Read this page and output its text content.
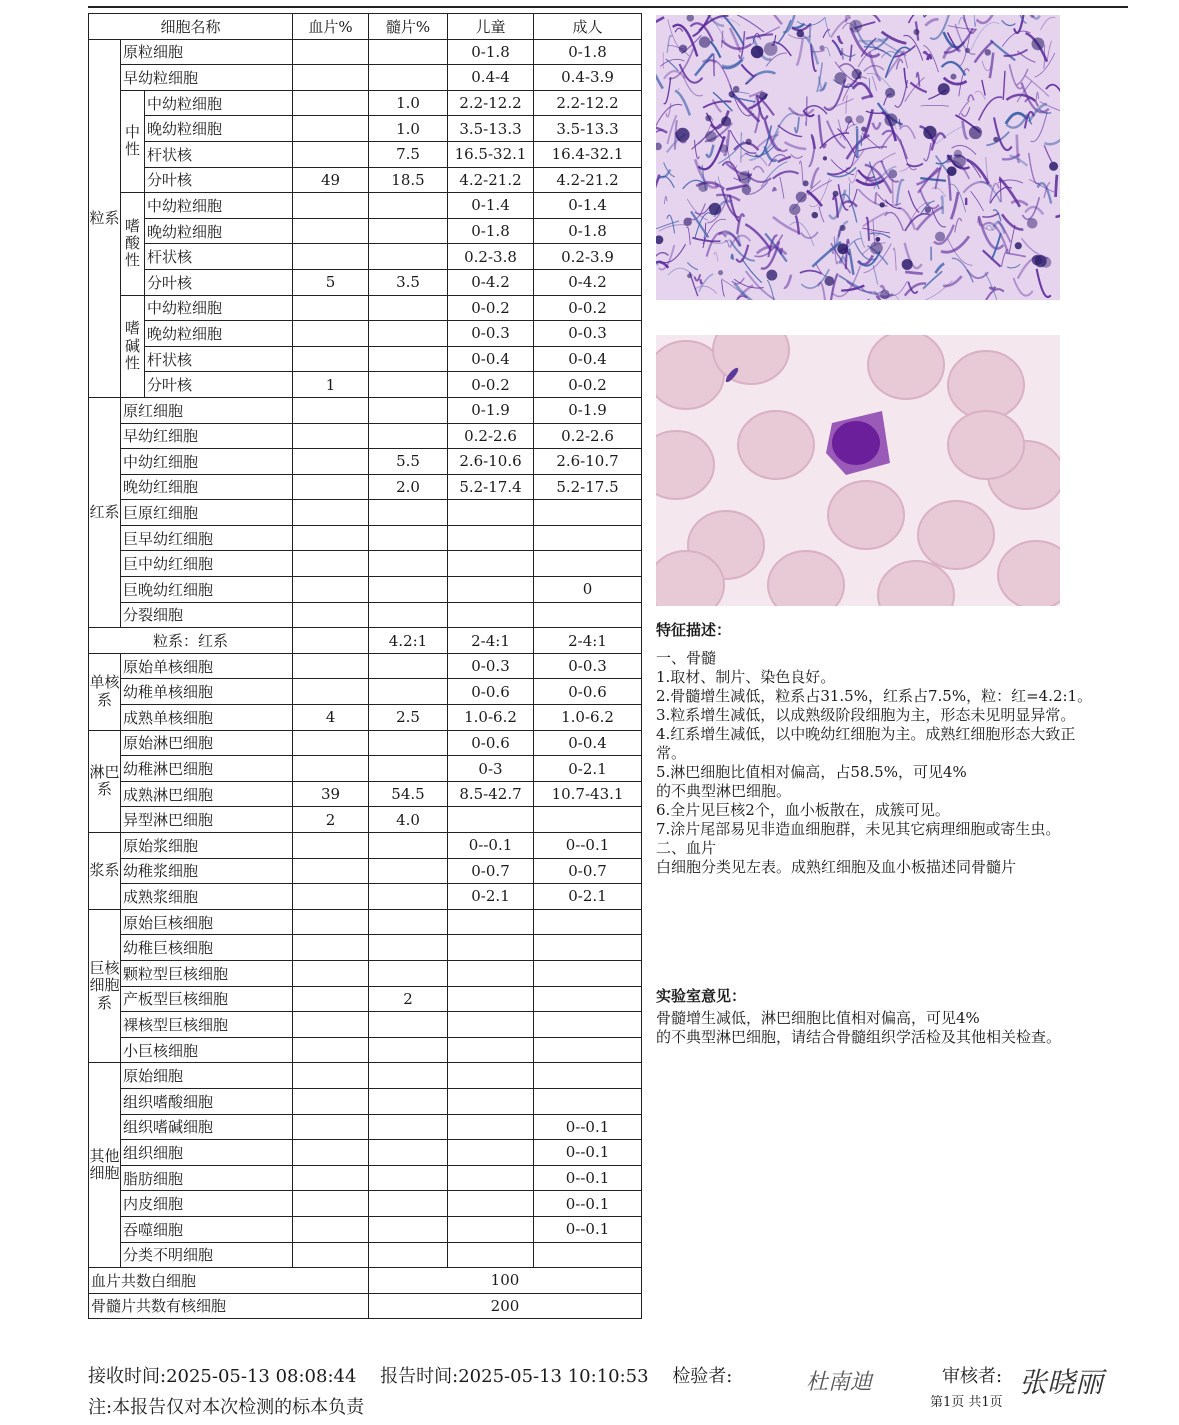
细胞名称			血片%	髓片%	儿童	成人
粒系	原粒细胞				0-1.8	0-1.8
	早幼粒细胞				0.4-4	0.4-3.9
	中性	中幼粒细胞		1.0	2.2-12.2	2.2-12.2
		晚幼粒细胞		1.0	3.5-13.3	3.5-13.3
		杆状核		7.5	16.5-32.1	16.4-32.1
		分叶核	49	18.5	4.2-21.2	4.2-21.2
	嗜酸性	中幼粒细胞			0-1.4	0-1.4
		晚幼粒细胞			0-1.8	0-1.8
		杆状核			0.2-3.8	0.2-3.9
		分叶核	5	3.5	0-4.2	0-4.2
	嗜碱性	中幼粒细胞			0-0.2	0-0.2
		晚幼粒细胞			0-0.3	0-0.3
		杆状核			0-0.4	0-0.4
		分叶核	1		0-0.2	0-0.2
红系	原红细胞				0-1.9	0-1.9
	早幼红细胞				0.2-2.6	0.2-2.6
	中幼红细胞			5.5	2.6-10.6	2.6-10.7
	晚幼红细胞			2.0	5.2-17.4	5.2-17.5
	巨原红细胞					
	巨早幼红细胞					
	巨中幼红细胞					
	巨晚幼红细胞					0
	分裂细胞					
粒系：红系				4.2:1	2-4:1	2-4:1
单核系	原始单核细胞				0-0.3	0-0.3
	幼稚单核细胞				0-0.6	0-0.6
	成熟单核细胞		4	2.5	1.0-6.2	1.0-6.2
淋巴系	原始淋巴细胞				0-0.6	0-0.4
	幼稚淋巴细胞				0-3	0-2.1
	成熟淋巴细胞		39	54.5	8.5-42.7	10.7-43.1
	异型淋巴细胞		2	4.0		
浆系	原始浆细胞				0--0.1	0--0.1
	幼稚浆细胞				0-0.7	0-0.7
	成熟浆细胞				0-2.1	0-2.1
巨核细胞系	原始巨核细胞					
	幼稚巨核细胞					
	颗粒型巨核细胞					
	产板型巨核细胞			2		
	裸核型巨核细胞					
	小巨核细胞					
其他细胞	原始细胞					
	组织嗜酸细胞					
	组织嗜碱细胞					0--0.1
	组织细胞					0--0.1
	脂肪细胞					0--0.1
	内皮细胞					0--0.1
	吞噬细胞					0--0.1
	分类不明细胞					
血片共数白细胞				100		
骨髓片共数有核细胞				200		
特征描述：
一、骨髓
1.取材、制片、染色良好。
2.骨髓增生减低，粒系占31.5%，红系占7.5%，粒：红=4.2:1。
3.粒系增生减低，以成熟级阶段细胞为主，形态未见明显异常。
4.红系增生减低，以中晚幼红细胞为主。成熟红细胞形态大致正
常。
5.淋巴细胞比值相对偏高，占58.5%，可见4%
的不典型淋巴细胞。
6.全片见巨核2个，血小板散在，成簇可见。
7.涂片尾部易见非造血细胞群，未见其它病理细胞或寄生虫。
二、血片
白细胞分类见左表。成熟红细胞及血小板描述同骨髓片
实验室意见：
骨髓增生减低，淋巴细胞比值相对偏高，可见4%
的不典型淋巴细胞，请结合骨髓组织学活检及其他相关检查。
接收时间:2025-05-13 08:08:44 报告时间:2025-05-13 10:10:53 检验者:	杜南迪	审核者: 张晓丽
第1页 共1页
注:本报告仅对本次检测的标本负责
